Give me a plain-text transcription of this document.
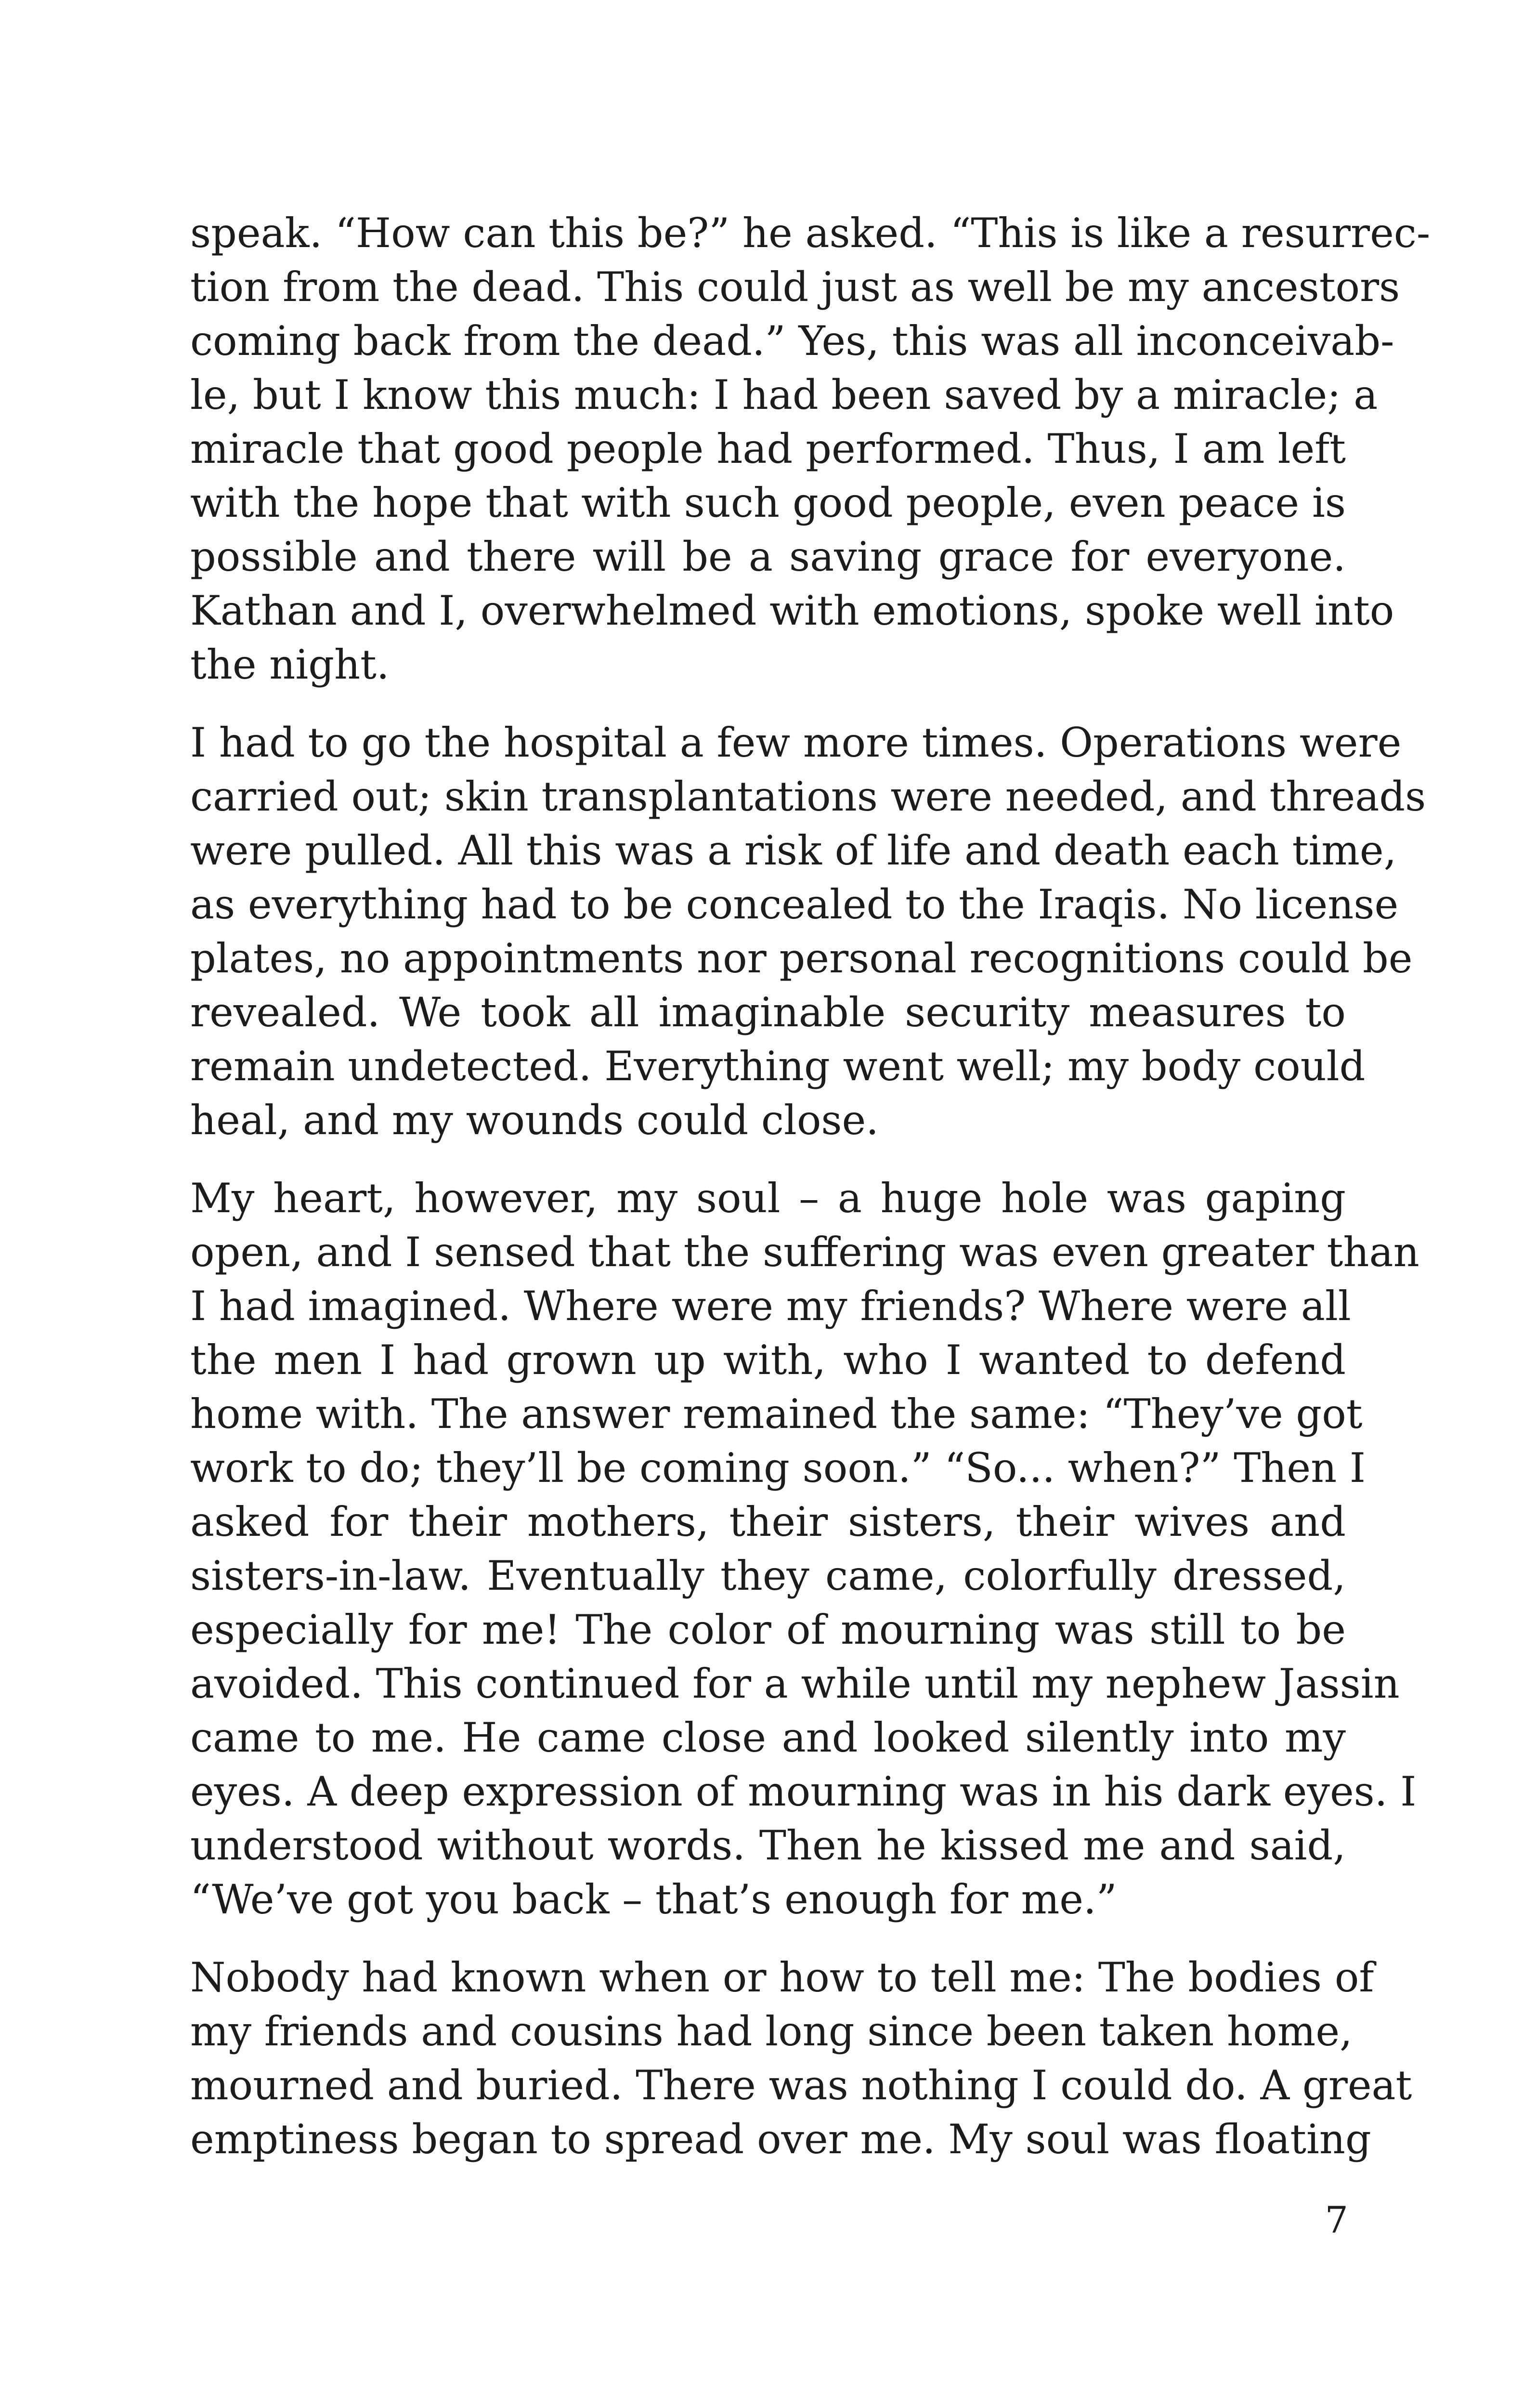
speak. “How can this be?” he asked. “This is like a resurrec-
tion from the dead. This could just as well be my ancestors
coming back from the dead.” Yes, this was all inconceivab-
le, but I know this much: I had been saved by a miracle; a
miracle that good people had performed. Thus, I am left
with the hope that with such good people, even peace is
possible and there will be a saving grace for everyone.
Kathan and I, overwhelmed with emotions, spoke well into
the night.
I had to go the hospital a few more times. Operations were
carried out; skin transplantations were needed, and threads
were pulled. All this was a risk of life and death each time,
as everything had to be concealed to the Iraqis. No license
plates, no appointments nor personal recognitions could be
revealed. We took all imaginable security measures to
remain undetected. Everything went well; my body could
heal, and my wounds could close.
My heart, however, my soul – a huge hole was gaping
open, and I sensed that the suffering was even greater than
I had imagined. Where were my friends? Where were all
the men I had grown up with, who I wanted to defend
home with. The answer remained the same: “They’ve got
work to do; they’ll be coming soon.” “So... when?” Then I
asked for their mothers, their sisters, their wives and
sisters-in-law. Eventually they came, colorfully dressed,
especially for me! The color of mourning was still to be
avoided. This continued for a while until my nephew Jassin
came to me. He came close and looked silently into my
eyes. A deep expression of mourning was in his dark eyes. I
understood without words. Then he kissed me and said,
“We’ve got you back – that’s enough for me.”
Nobody had known when or how to tell me: The bodies of
my friends and cousins had long since been taken home,
mourned and buried. There was nothing I could do. A great
emptiness began to spread over me. My soul was floating
7
